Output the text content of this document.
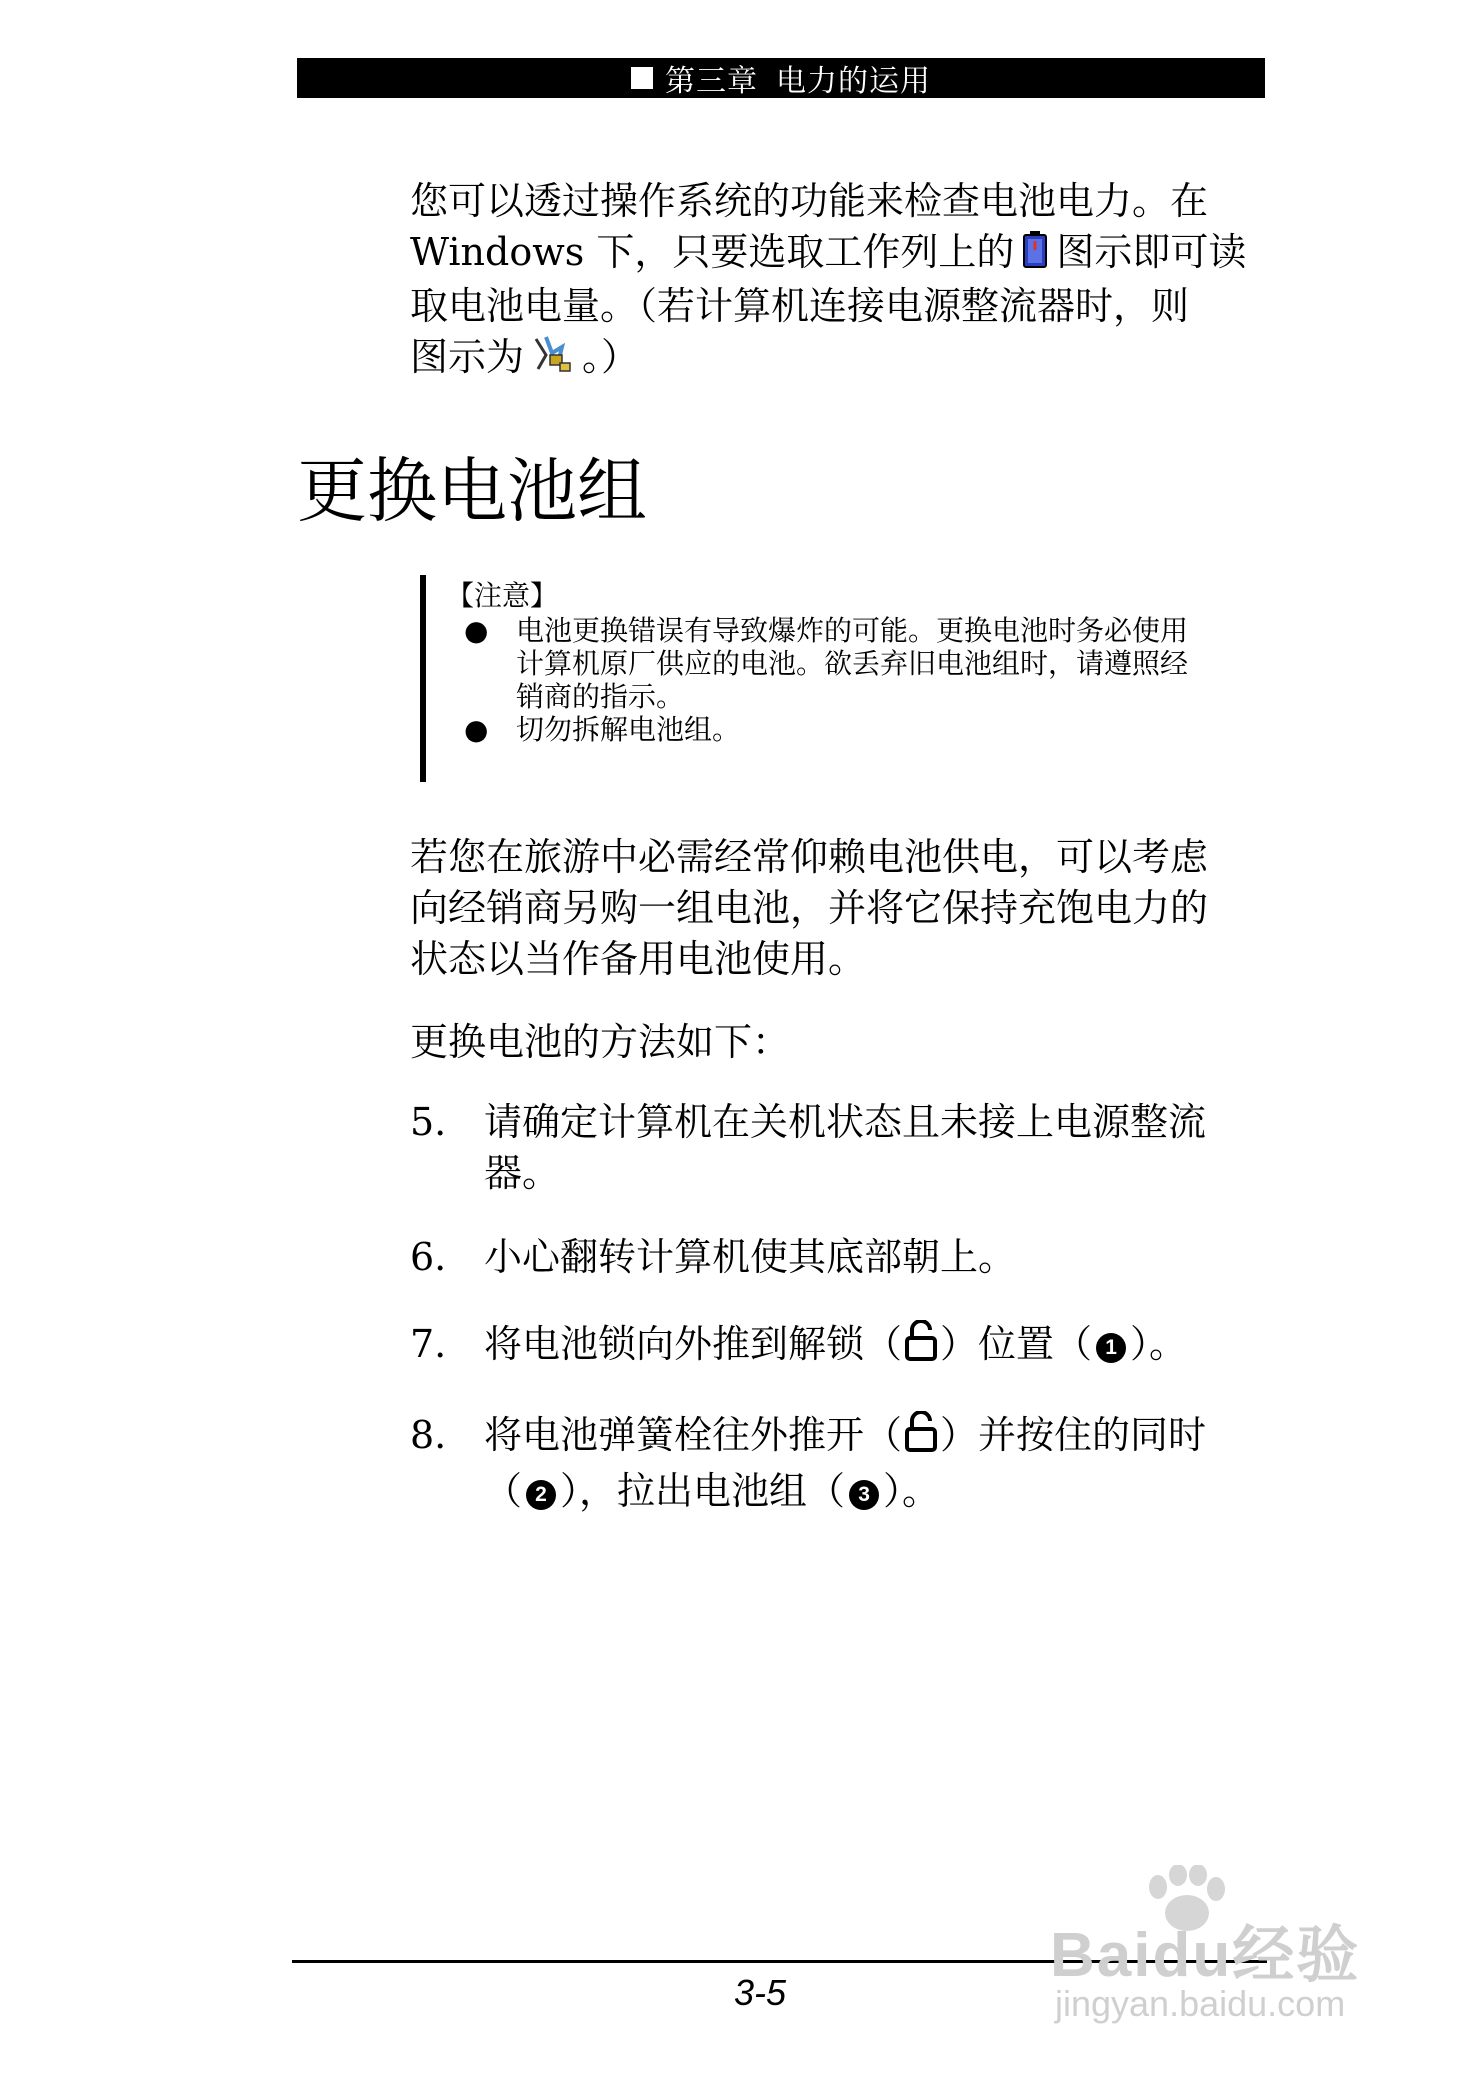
第三章 电力的运用

您可以透过操作系统的功能来检查电池电力。在
Windows 下，只要选取工作列上的 图示即可读
取电池电量。（若计算机连接电源整流器时，则
图示为 。）

更换电池组
【注意】
● 电池更换错误有导致爆炸的可能。更换电池时务必使用
计算机原厂供应的电池。欲丢弃旧电池组时，请遵照经
销商的指示。
● 切勿拆解电池组。

若您在旅游中必需经常仰赖电池供电，可以考虑
向经销商另购一组电池，并将它保持充饱电力的
状态以当作备用电池使用。

更换电池的方法如下：

5. 请确定计算机在关机状态且未接上电源整流
器。
6. 小心翻转计算机使其底部朝上。
7. 将电池锁向外推到解锁（ ）位置（ 1 ）。
8. 将电池弹簧栓往外推开（ ）并按住的同时
（ 2 ），拉出电池组（ 3 ）。
3-5
Baidu经验
jingyan.baidu.com
